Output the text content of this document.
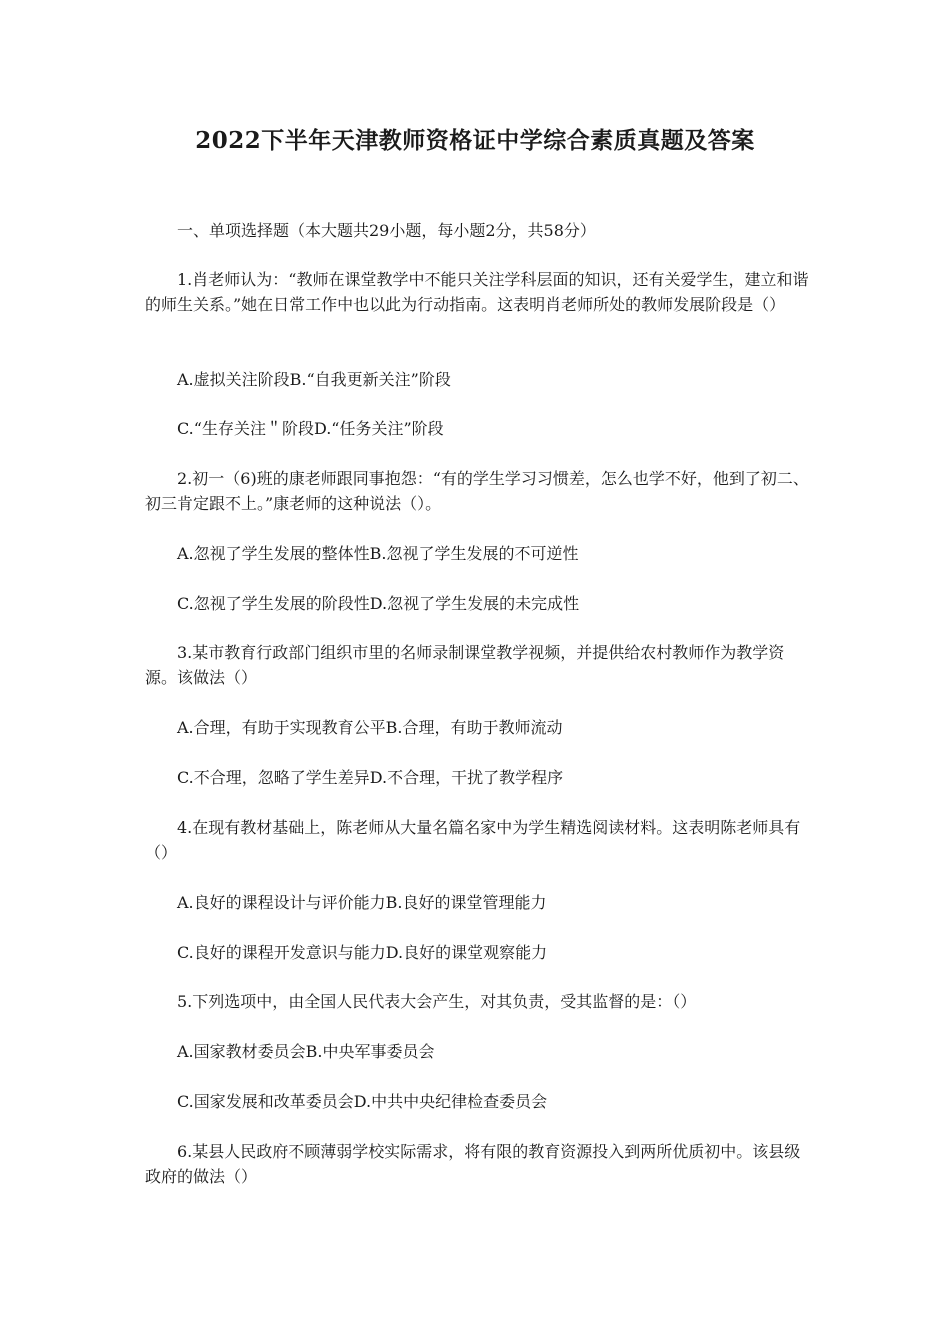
2022下半年天津教师资格证中学综合素质真题及答案
一、单项选择题（本大题共29小题，每小题2分，共58分）
1.肖老师认为：“教师在课堂教学中不能只关注学科层面的知识，还有关爱学生，建立和谐的师生关系。”她在日常工作中也以此为行动指南。这表明肖老师所处的教师发展阶段是（）
A.虚拟关注阶段B.“自我更新关注”阶段
C.“生存关注＂阶段D.“任务关注”阶段
2.初一（6)班的康老师跟同事抱怨：“有的学生学习习惯差，怎么也学不好，他到了初二、初三肯定跟不上。”康老师的这种说法（）。
A.忽视了学生发展的整体性B.忽视了学生发展的不可逆性
C.忽视了学生发展的阶段性D.忽视了学生发展的未完成性
3.某市教育行政部门组织市里的名师录制课堂教学视频，并提供给农村教师作为教学资源。该做法（）
A.合理，有助于实现教育公平B.合理，有助于教师流动
C.不合理，忽略了学生差异D.不合理，干扰了教学程序
4.在现有教材基础上，陈老师从大量名篇名家中为学生精选阅读材料。这表明陈老师具有（）
A.良好的课程设计与评价能力B.良好的课堂管理能力
C.良好的课程开发意识与能力D.良好的课堂观察能力
5.下列选项中，由全国人民代表大会产生，对其负责，受其监督的是：（）
A.国家教材委员会B.中央军事委员会
C.国家发展和改革委员会D.中共中央纪律检查委员会
6.某县人民政府不顾薄弱学校实际需求，将有限的教育资源投入到两所优质初中。该县级政府的做法（）
